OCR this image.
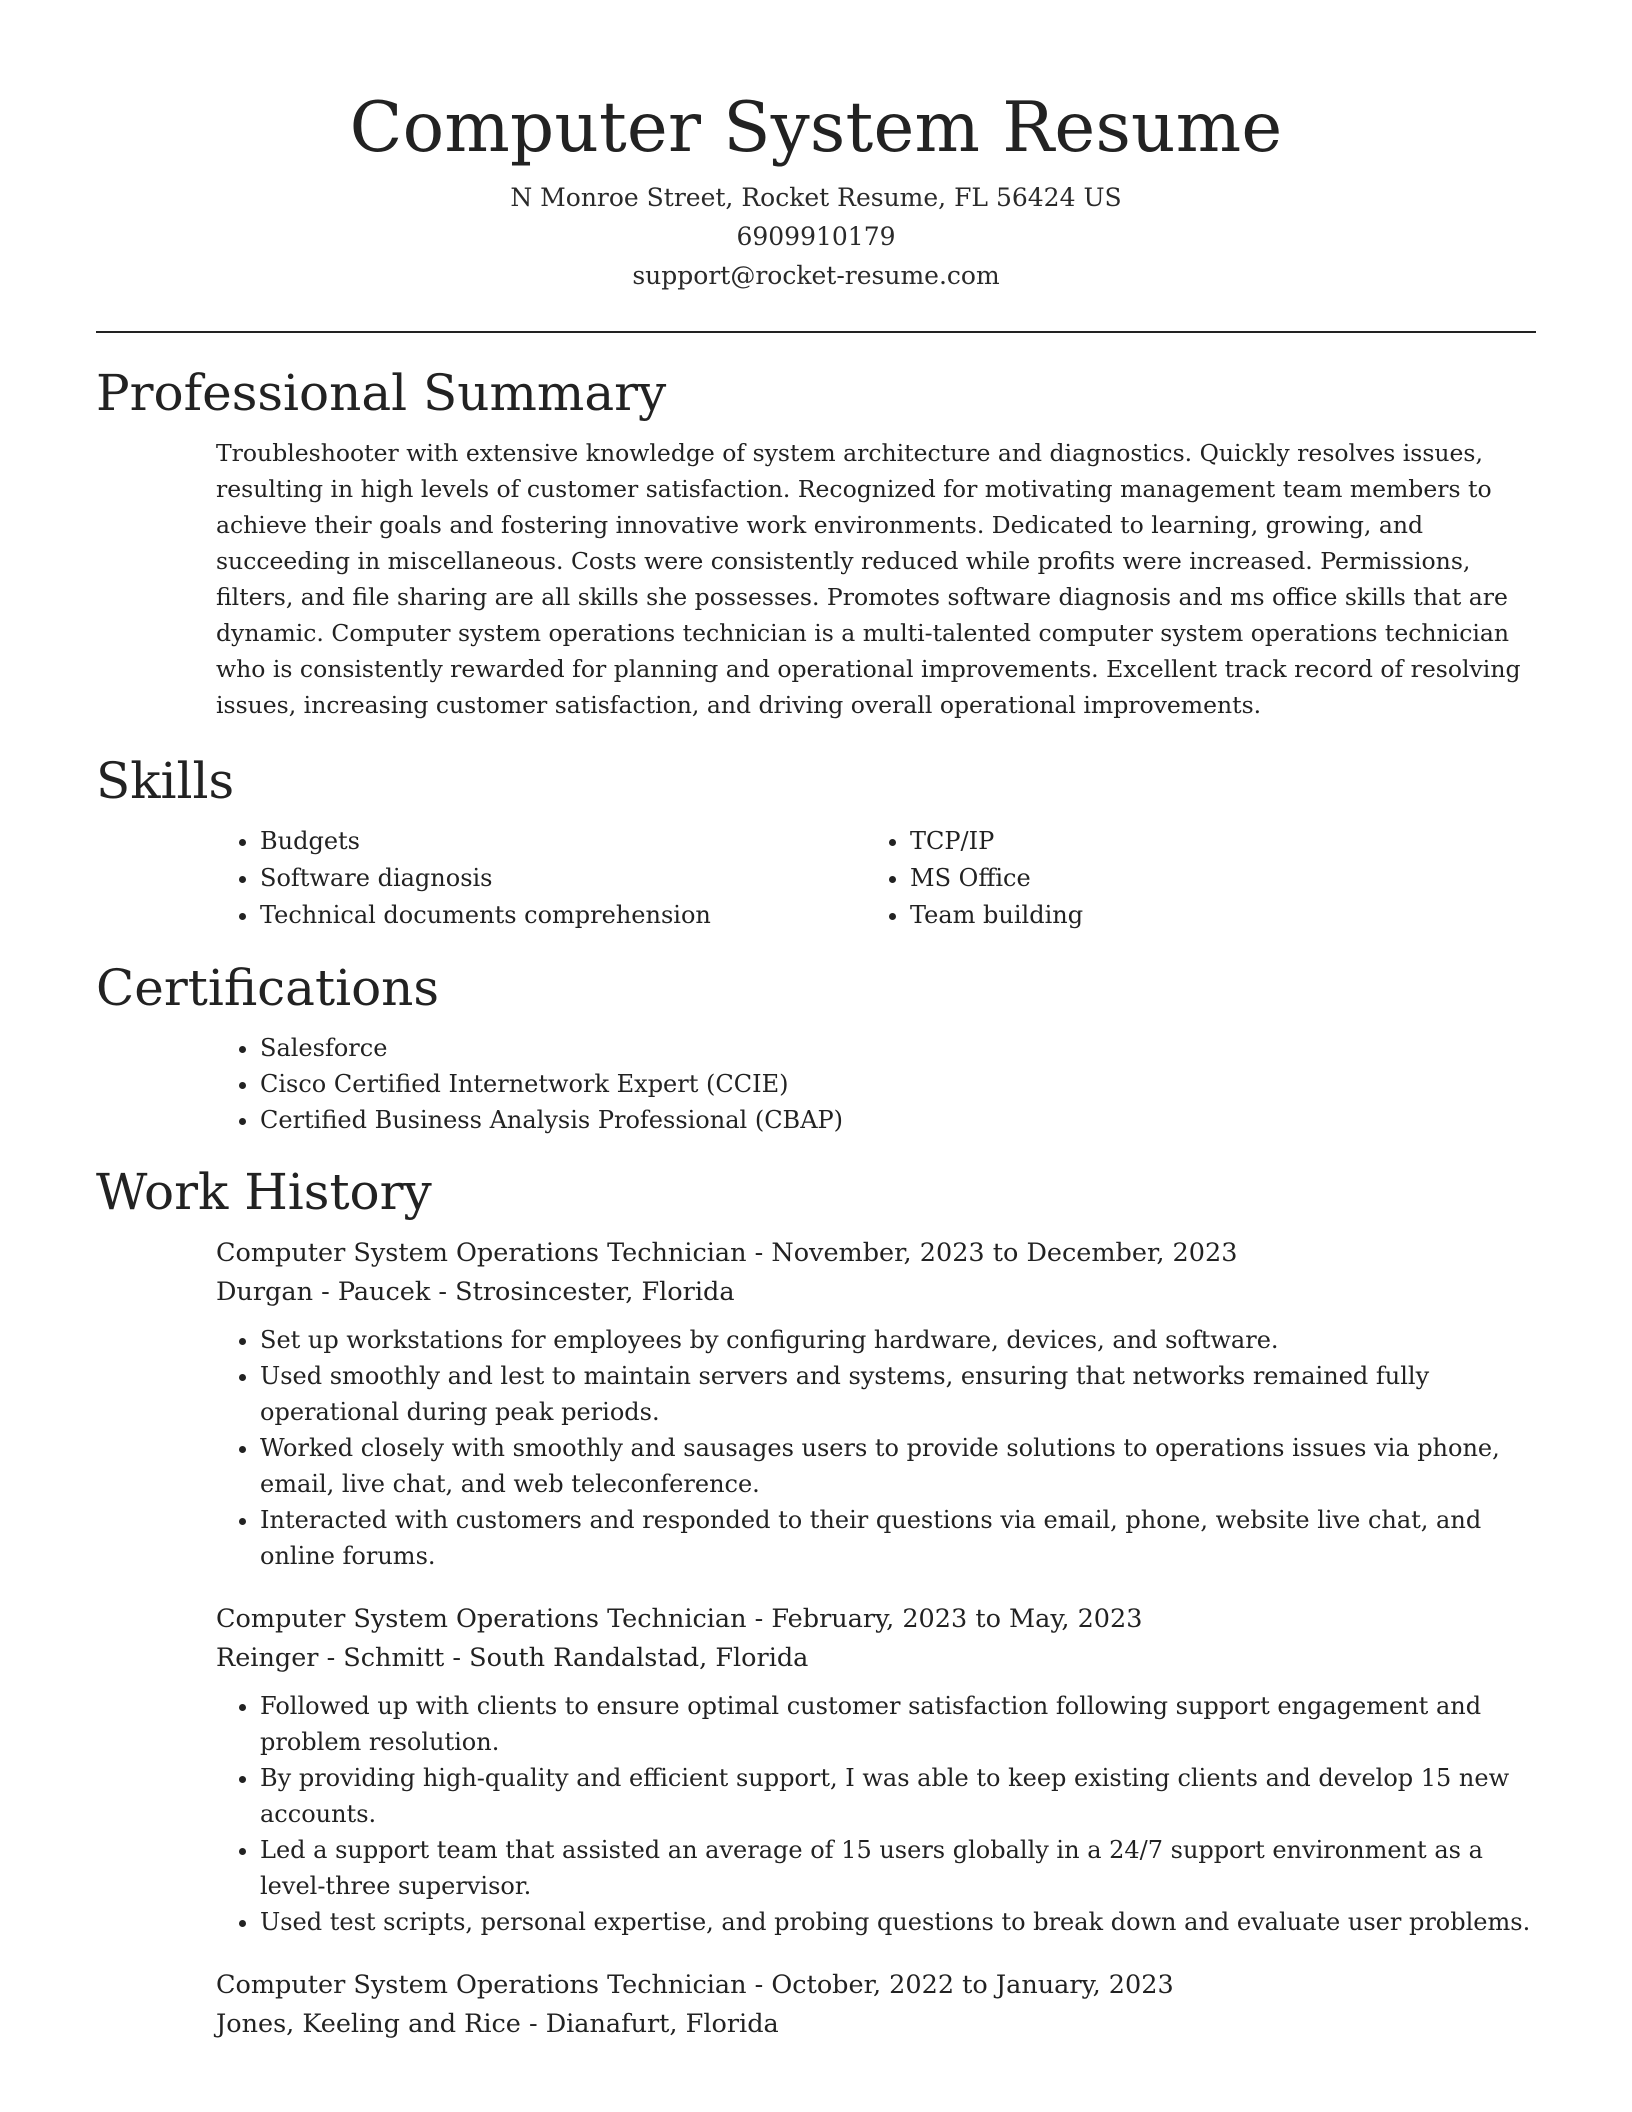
Computer System Resume
N Monroe Street, Rocket Resume, FL 56424 US
6909910179
support@rocket-resume.com
Professional Summary

Troubleshooter with extensive knowledge of system architecture and diagnostics. Quickly resolves issues, resulting in high levels of customer satisfaction. Recognized for motivating management team members to achieve their goals and fostering innovative work environments. Dedicated to learning, growing, and succeeding in miscellaneous. Costs were consistently reduced while profits were increased. Permissions, filters, and file sharing are all skills she possesses. Promotes software diagnosis and ms office skills that are dynamic. Computer system operations technician is a multi-talented computer system operations technician who is consistently rewarded for planning and operational improvements. Excellent track record of resolving issues, increasing customer satisfaction, and driving overall operational improvements.

Skills
• Budgets
• Software diagnosis
• Technical documents comprehension
• TCP/IP
• MS Office
• Team building
Certifications
• Salesforce
• Cisco Certified Internetwork Expert (CCIE)
• Certified Business Analysis Professional (CBAP)
Work History
Computer System Operations Technician - November, 2023 to December, 2023
Durgan - Paucek - Strosincester, Florida
• Set up workstations for employees by configuring hardware, devices, and software.
• Used smoothly and lest to maintain servers and systems, ensuring that networks remained fully operational during peak periods.
• Worked closely with smoothly and sausages users to provide solutions to operations issues via phone, email, live chat, and web teleconference.
• Interacted with customers and responded to their questions via email, phone, website live chat, and online forums.
Computer System Operations Technician - February, 2023 to May, 2023
Reinger - Schmitt - South Randalstad, Florida
• Followed up with clients to ensure optimal customer satisfaction following support engagement and problem resolution.
• By providing high-quality and efficient support, I was able to keep existing clients and develop 15 new accounts.
• Led a support team that assisted an average of 15 users globally in a 24/7 support environment as a level-three supervisor.
• Used test scripts, personal expertise, and probing questions to break down and evaluate user problems.
Computer System Operations Technician - October, 2022 to January, 2023
Jones, Keeling and Rice - Dianafurt, Florida
